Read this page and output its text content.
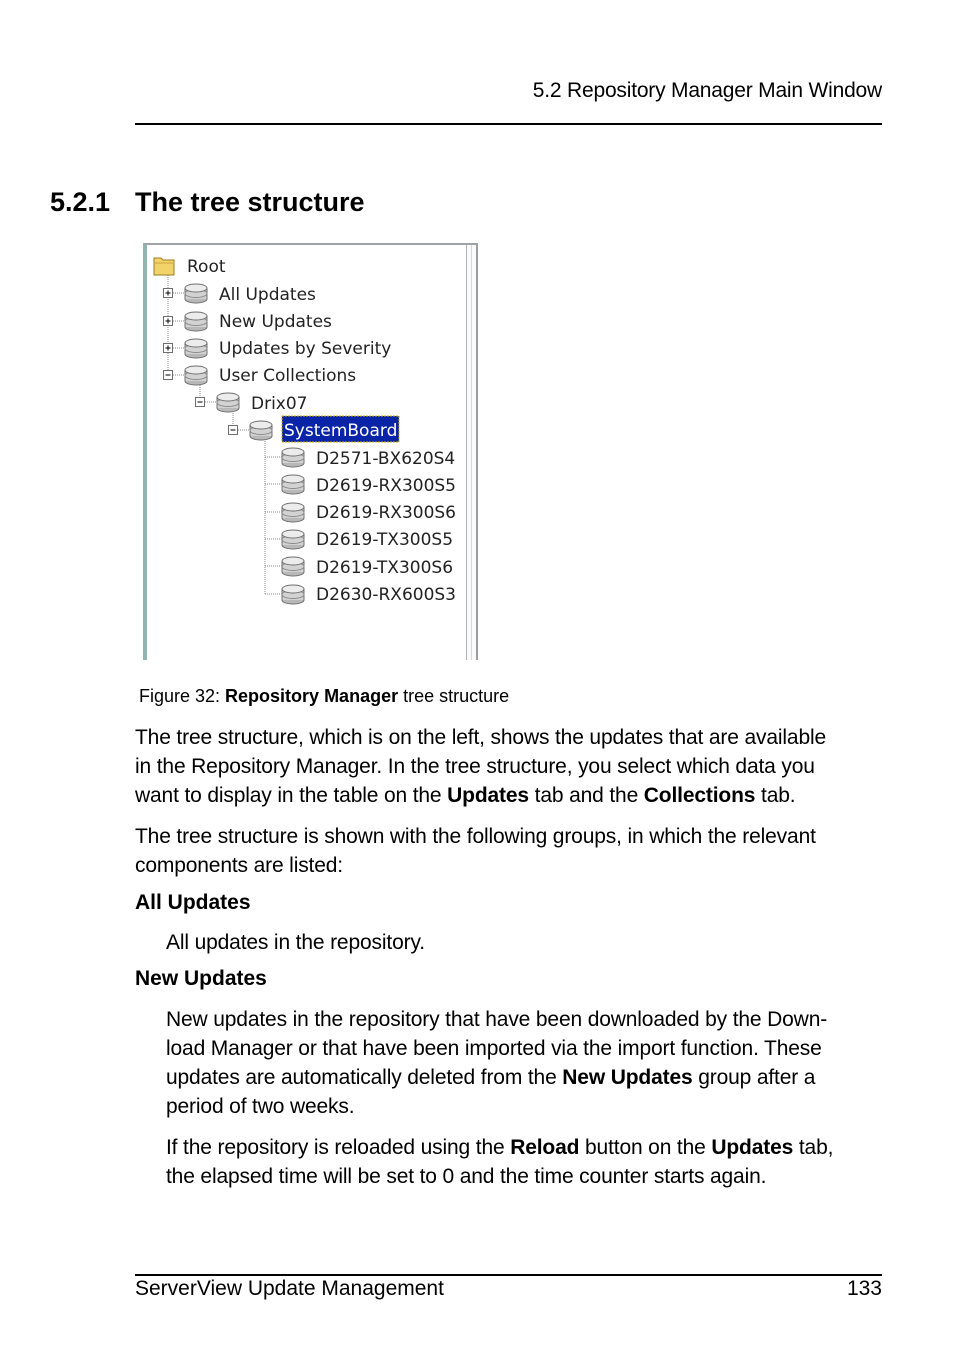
5.2 Repository Manager Main Window
5.2.1 The tree structure
Root
All Updates
New Updates
Updates by Severity
User Collections
Drix07
SystemBoard
D2571-BX620S4
D2619-RX300S5
D2619-RX300S6
D2619-TX300S5
D2619-TX300S6
D2630-RX600S3
Figure 32: Repository Manager tree structure

The tree structure, which is on the left, shows the updates that are available
in the Repository Manager. In the tree structure, you select which data you
want to display in the table on the Updates tab and the Collections tab.

The tree structure is shown with the following groups, in which the relevant
components are listed:

All Updates

All updates in the repository.

New Updates

New updates in the repository that have been downloaded by the Down-
load Manager or that have been imported via the import function. These
updates are automatically deleted from the New Updates group after a
period of two weeks.

If the repository is reloaded using the Reload button on the Updates tab,
the elapsed time will be set to 0 and the time counter starts again.

ServerView Update Management	133
